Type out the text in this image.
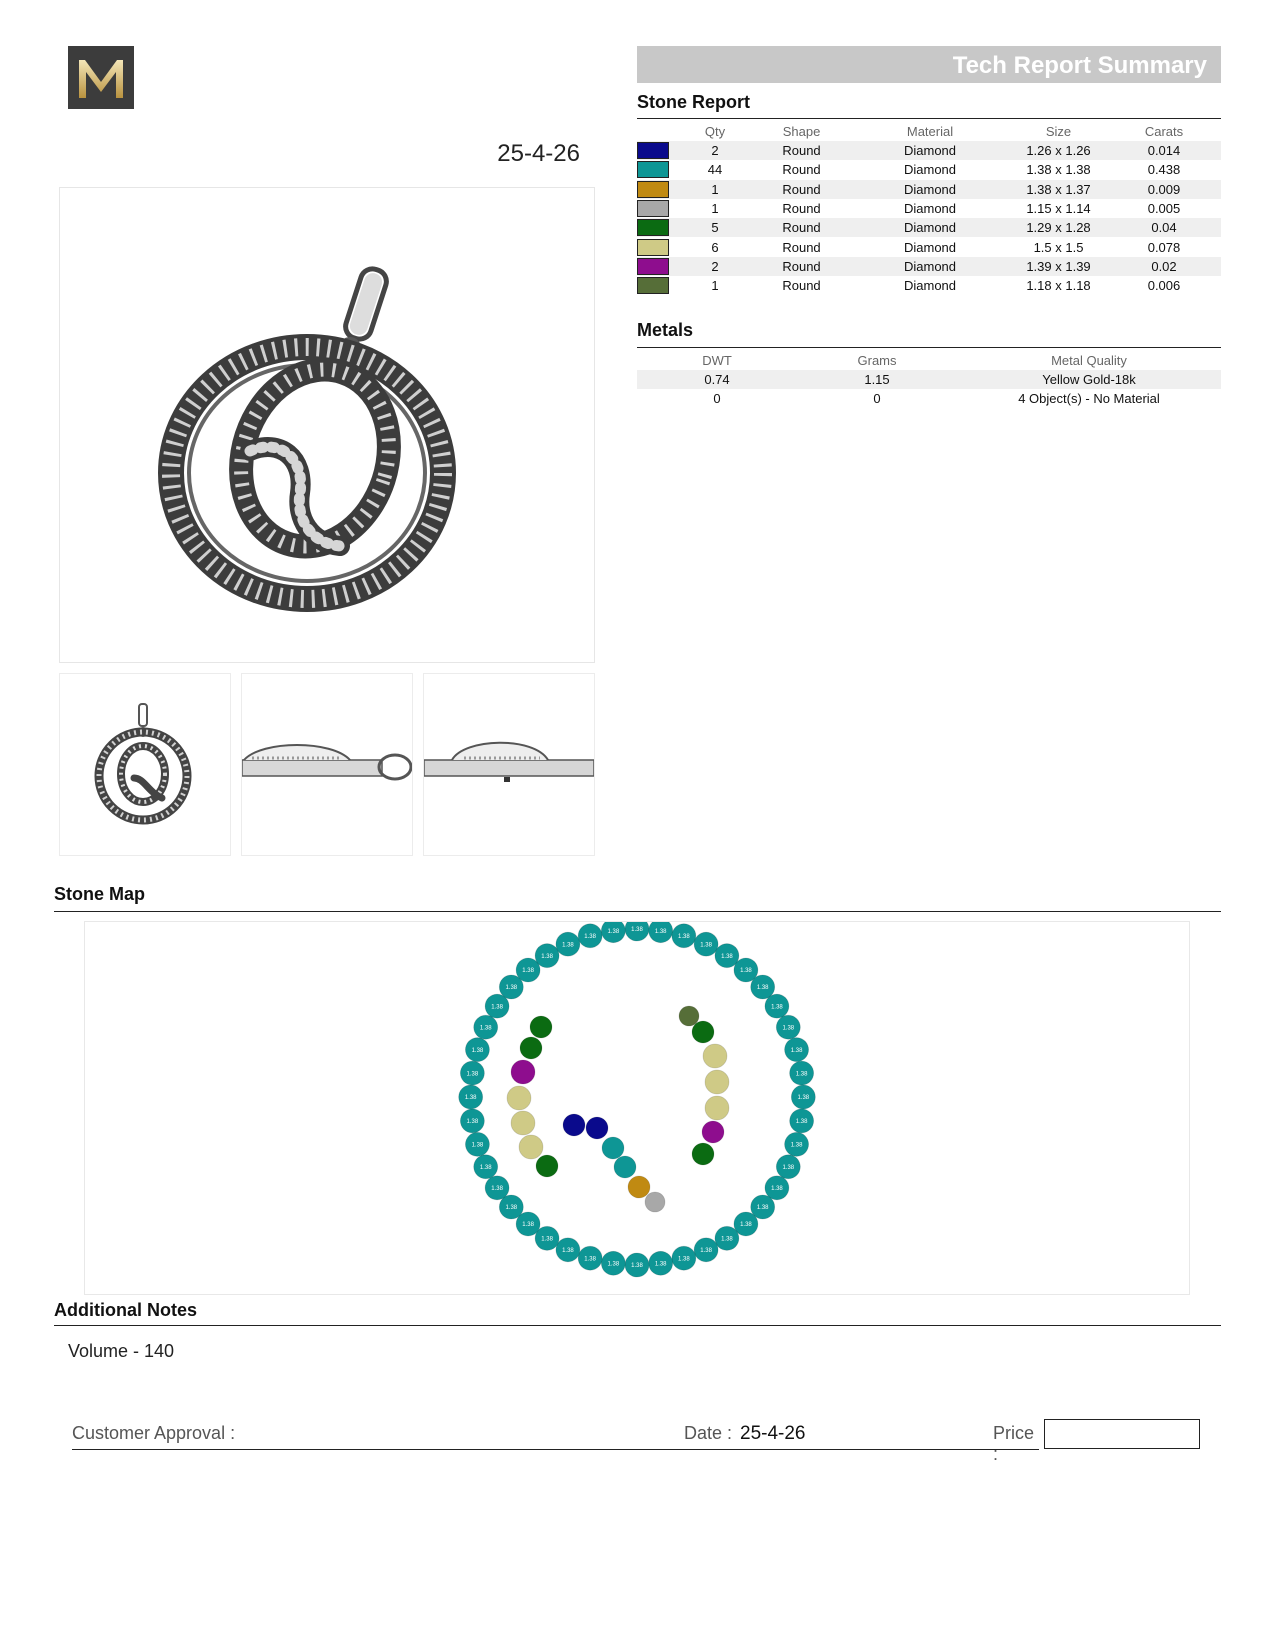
25-4-26
Tech Report Summary
Stone Report
	Qty	Shape	Material	Size	Carats
	2	Round	Diamond	1.26 x 1.26	0.014
	44	Round	Diamond	1.38 x 1.38	0.438
	1	Round	Diamond	1.38 x 1.37	0.009
	1	Round	Diamond	1.15 x 1.14	0.005
	5	Round	Diamond	1.29 x 1.28	0.04
	6	Round	Diamond	1.5 x 1.5	0.078
	2	Round	Diamond	1.39 x 1.39	0.02
	1	Round	Diamond	1.18 x 1.18	0.006
Metals
DWT	Grams	Metal Quality
0.74	1.15	Yellow Gold-18k
0	0	4 Object(s) - No Material
Stone Map
1.38 1.38
1.38
1.38
1.38
1.38
1.38
1.38
1.38
1.38
1.38
1.38
1.38
1.38
1.38
1.38
1.38
1.38
1.38
1.38
1.38
1.38
1.38
1.38
1.38
1.38
1.38
1.38
1.38
1.38
1.38
1.38
1.38
1.38
1.38
1.38
1.38
1.38
1.38
1.38
1.38
1.38
1.38
1.38
Additional Notes
Volume - 140
Customer Approval :	Date : 25-4-26	Price :
